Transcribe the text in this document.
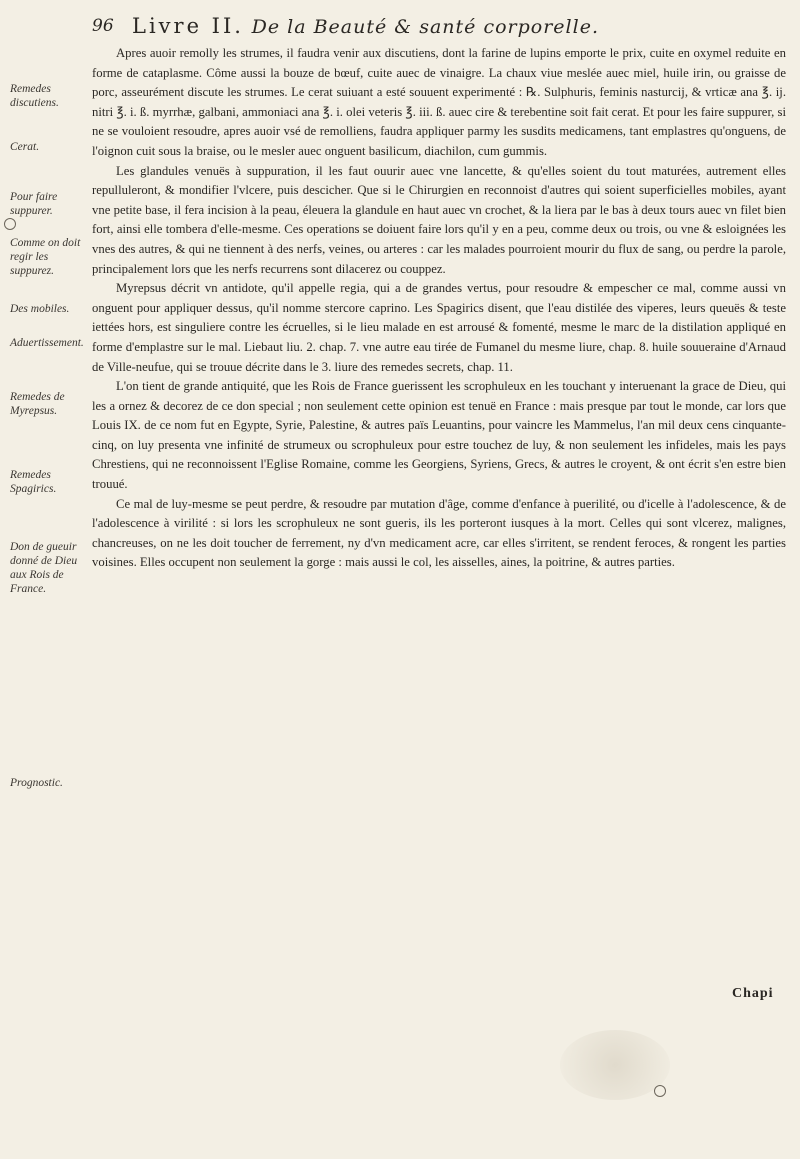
96 Livre II. De la Beauté & santé corporelle.
Remedes discutiens.
Cerat.
Pour faire suppurer.
Comme on doit regir les suppurez.
Des mobiles.
Aduertissement.
Remedes de Myrepsus.
Remedes Spagirics.
Don de gueuir donné de Dieu aux Rois de France.
Prognostic.

Apres auoir remolly les strumes, il faudra venir aux discutiens, dont la farine de lupins emporte le prix, cuite en oxymel reduite en forme de cataplasme. Côme aussi la bouze de bœuf, cuite auec de vinaigre. La chaux viue meslée auec miel, huile irin, ou graisse de porc, asseurément discute les strumes. Le cerat suiuant a esté souuent experimenté : ℞. Sulphuris, feminis nasturcij, & vrticæ ana ℥. ij. nitri ℥. i. ß. myrrhæ, galbani, ammoniaci ana ℥. i. olei veteris ℥. iii. ß. auec cire & terebentine soit fait cerat. Et pour les faire suppurer, si ne se vouloient resoudre, apres auoir vsé de remolliens, faudra appliquer parmy les susdits medicamens, tant emplastres qu'onguens, de l'oignon cuit sous la braise, ou le mesler auec onguent basilicum, diachilon, cum gummis.

Les glandules venuës à suppuration, il les faut ouurir auec vne lancette, & qu'elles soient du tout maturées, autrement elles repulluleront, & mondifier l'vlcere, puis descicher. Que si le Chirurgien en reconnoist d'autres qui soient superficielles mobiles, ayant vne petite base, il fera incision à la peau, éleuera la glandule en haut auec vn crochet, & la liera par le bas à deux tours auec vn filet bien fort, ainsi elle tombera d'elle-mesme. Ces operations se doiuent faire lors qu'il y en a peu, comme deux ou trois, ou vne & esloignées les vnes des autres, & qui ne tiennent à des nerfs, veines, ou arteres : car les malades pourroient mourir du flux de sang, ou perdre la parole, principalement lors que les nerfs recurrens sont dilacerez ou couppez.

Myrepsus décrit vn antidote, qu'il appelle regia, qui a de grandes vertus, pour resoudre & empescher ce mal, comme aussi vn onguent pour appliquer dessus, qu'il nomme stercore caprino. Les Spagirics disent, que l'eau distilée des viperes, leurs queuës & teste iettées hors, est singuliere contre les écruelles, si le lieu malade en est arrousé & fomenté, mesme le marc de la distilation appliqué en forme d'emplastre sur le mal. Liebaut liu. 2. chap. 7. vne autre eau tirée de Fumanel du mesme liure, chap. 8. huile souueraine d'Arnaud de Ville-neufue, qui se trouue décrite dans le 3. liure des remedes secrets, chap. 11.

L'on tient de grande antiquité, que les Rois de France guerissent les scrophuleux en les touchant y interuenant la grace de Dieu, qui les a ornez & decorez de ce don special ; non seulement cette opinion est tenuë en France : mais presque par tout le monde, car lors que Louis IX. de ce nom fut en Egypte, Syrie, Palestine, & autres païs Leuantins, pour vaincre les Mammelus, l'an mil deux cens cinquante-cinq, on luy presenta vne infinité de strumeux ou scrophuleux pour estre touchez de luy, & non seulement les infideles, mais les pays Chrestiens, qui ne reconnoissent l'Eglise Romaine, comme les Georgiens, Syriens, Grecs, & autres le croyent, & ont écrit s'en estre bien trouué.

Ce mal de luy-mesme se peut perdre, & resoudre par mutation d'âge, comme d'enfance à puerilité, ou d'icelle à l'adolescence, & de l'adolescence à virilité : si lors les scrophuleux ne sont gueris, ils les porteront iusques à la mort. Celles qui sont vlcerez, malignes, chancreuses, on ne les doit toucher de ferrement, ny d'vn medicament acre, car elles s'irritent, se rendent feroces, & rongent les parties voisines. Elles occupent non seulement la gorge : mais aussi le col, les aisselles, aines, la poitrine, & autres parties.

Chapi
